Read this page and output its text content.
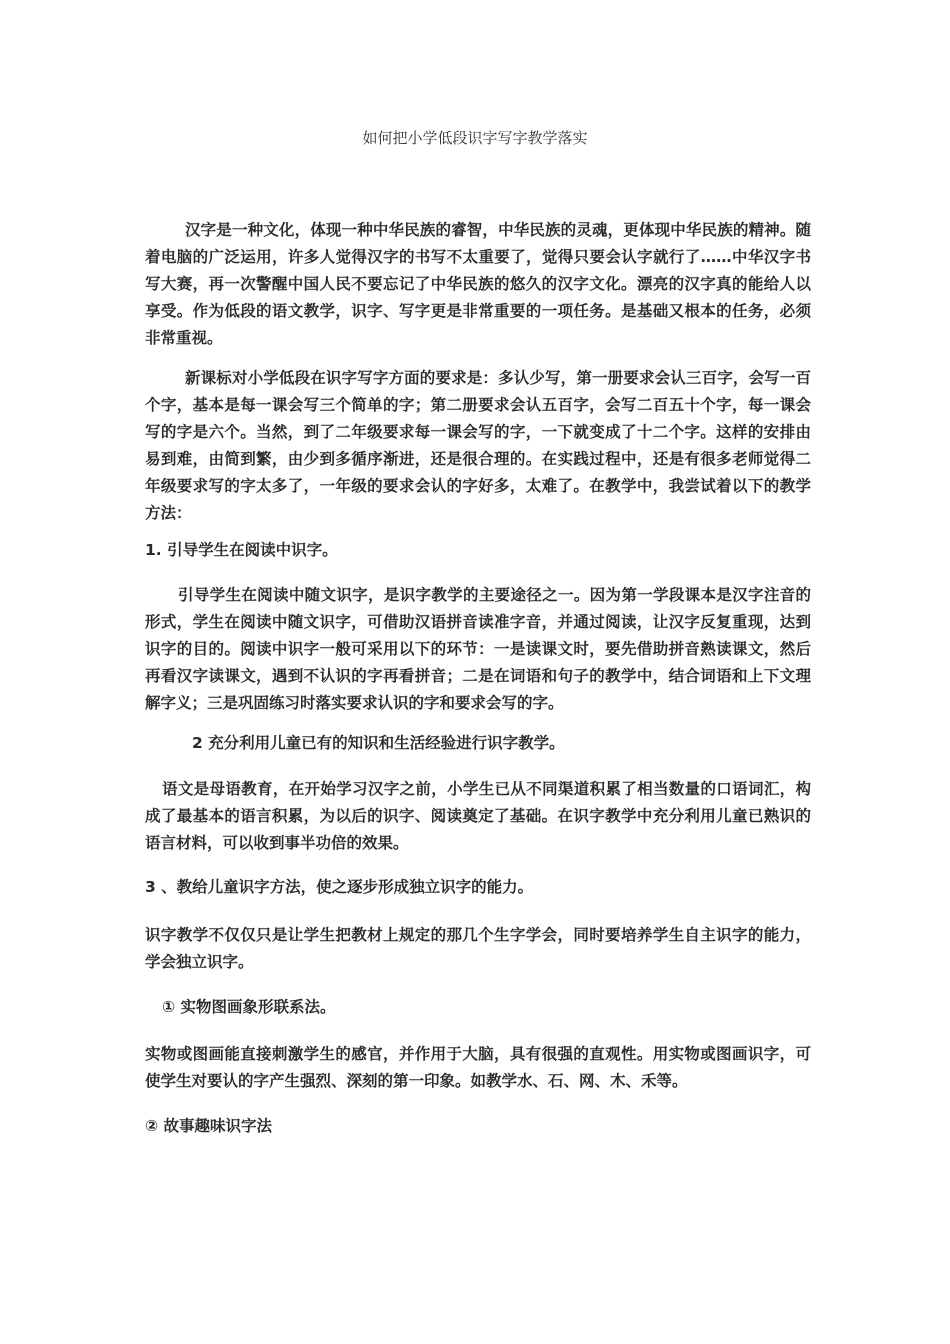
如何把小学低段识字写字教学落实

汉字是一种文化，体现一种中华民族的睿智，中华民族的灵魂，更体现中华民族的精神。随着电脑的广泛运用，许多人觉得汉字的书写不太重要了，觉得只要会认字就行了……中华汉字书写大赛，再一次警醒中国人民不要忘记了中华民族的悠久的汉字文化。漂亮的汉字真的能给人以享受。作为低段的语文教学，识字、写字更是非常重要的一项任务。是基础又根本的任务，必须非常重视。

新课标对小学低段在识字写字方面的要求是：多认少写，第一册要求会认三百字，会写一百个字，基本是每一课会写三个简单的字；第二册要求会认五百字，会写二百五十个字，每一课会写的字是六个。当然，到了二年级要求每一课会写的字，一下就变成了十二个字。这样的安排由易到难，由简到繁，由少到多循序渐进，还是很合理的。在实践过程中，还是有很多老师觉得二年级要求写的字太多了，一年级的要求会认的字好多，太难了。在教学中，我尝试着以下的教学方法：

1. 引导学生在阅读中识字。

引导学生在阅读中随文识字，是识字教学的主要途径之一。因为第一学段课本是汉字注音的形式，学生在阅读中随文识字，可借助汉语拼音读准字音，并通过阅读，让汉字反复重现，达到识字的目的。阅读中识字一般可采用以下的环节：一是读课文时，要先借助拼音熟读课文，然后再看汉字读课文，遇到不认识的字再看拼音；二是在词语和句子的教学中，结合词语和上下文理解字义；三是巩固练习时落实要求认识的字和要求会写的字。

2 充分利用儿童已有的知识和生活经验进行识字教学。

语文是母语教育，在开始学习汉字之前，小学生已从不同渠道积累了相当数量的口语词汇，构成了最基本的语言积累，为以后的识字、阅读奠定了基础。在识字教学中充分利用儿童已熟识的语言材料，可以收到事半功倍的效果。

3 、教给儿童识字方法，使之逐步形成独立识字的能力。

识字教学不仅仅只是让学生把教材上规定的那几个生字学会，同时要培养学生自主识字的能力，学会独立识字。

① 实物图画象形联系法。

实物或图画能直接刺激学生的感官，并作用于大脑，具有很强的直观性。用实物或图画识字，可使学生对要认的字产生强烈、深刻的第一印象。如教学水、石、网、木、禾等。

② 故事趣味识字法
